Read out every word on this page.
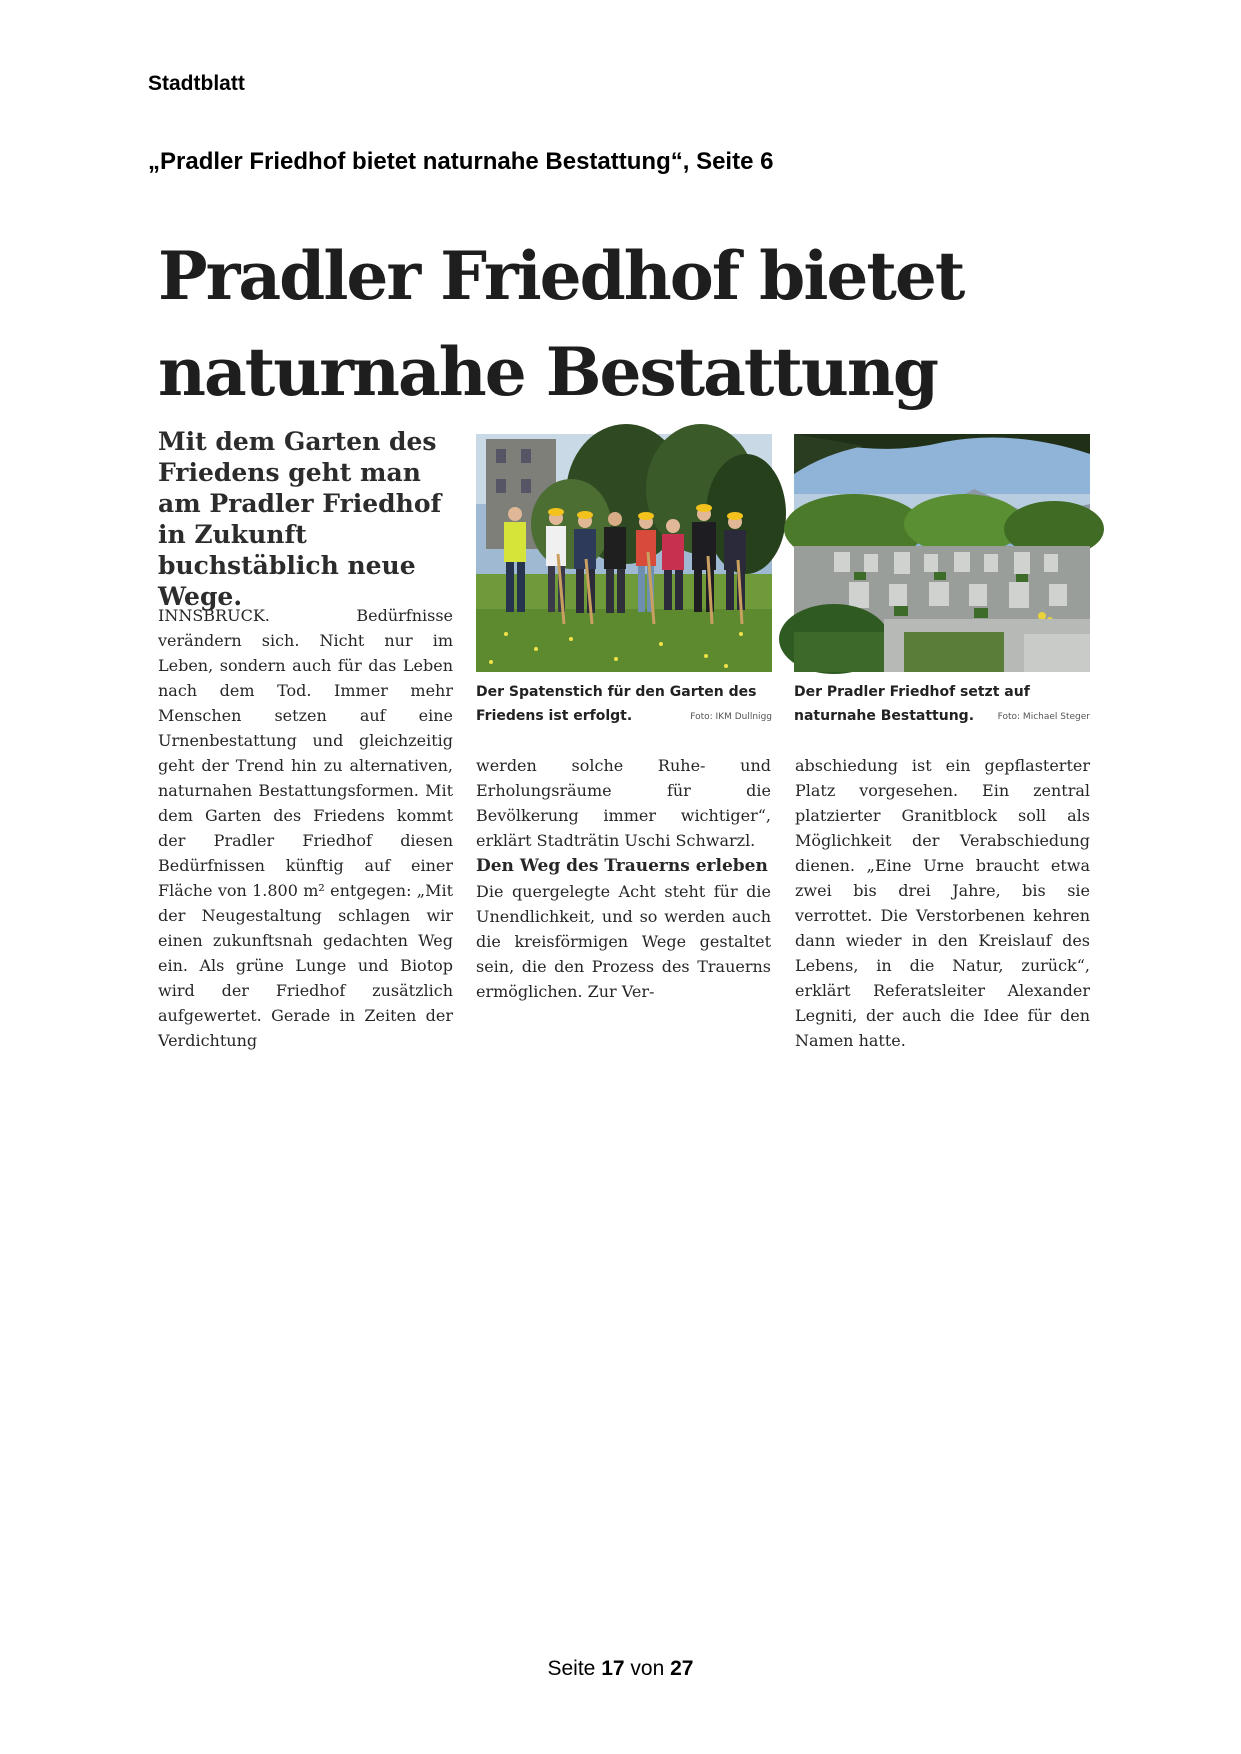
Stadtblatt
„Pradler Friedhof bietet naturnahe Bestattung“, Seite 6
Pradler Friedhof bietet
naturnahe Bestattung

Mit dem Garten des Friedens geht man am Pradler Friedhof in Zukunft buchstäblich neue Wege.

INNSBRUCK. Bedürfnisse verändern sich. Nicht nur im Leben, sondern auch für das Leben nach dem Tod. Immer mehr Menschen setzen auf eine Urnenbestattung und gleichzeitig geht der Trend hin zu alternativen, naturnahen Bestattungsformen. Mit dem Garten des Friedens kommt der Pradler Friedhof diesen Bedürfnissen künftig auf einer Fläche von 1.800 m² entgegen: „Mit der Neugestaltung schlagen wir einen zukunftsnah gedachten Weg ein. Als grüne Lunge und Biotop wird der Friedhof zusätzlich aufgewertet. Gerade in Zeiten der Verdichtung

Der Spatenstich für den Garten des Friedens ist erfolgt.	Foto: IKM Dullnigg

Der Pradler Friedhof setzt auf naturnahe Bestattung.	Foto: Michael Steger

werden solche Ruhe- und Erholungsräume für die Bevölkerung immer wichtiger“, erklärt Stadträtin Uschi Schwarzl.

Den Weg des Trauerns erleben

Die quergelegte Acht steht für die Unendlichkeit, und so werden auch die kreisförmigen Wege gestaltet sein, die den Prozess des Trauerns ermöglichen. Zur Ver-

abschiedung ist ein gepflasterter Platz vorgesehen. Ein zentral platzierter Granitblock soll als Möglichkeit der Verabschiedung dienen. „Eine Urne braucht etwa zwei bis drei Jahre, bis sie verrottet. Die Verstorbenen kehren dann wieder in den Kreislauf des Lebens, in die Natur, zurück“, erklärt Referatsleiter Alexander Legniti, der auch die Idee für den Namen hatte.

Seite 17 von 27
